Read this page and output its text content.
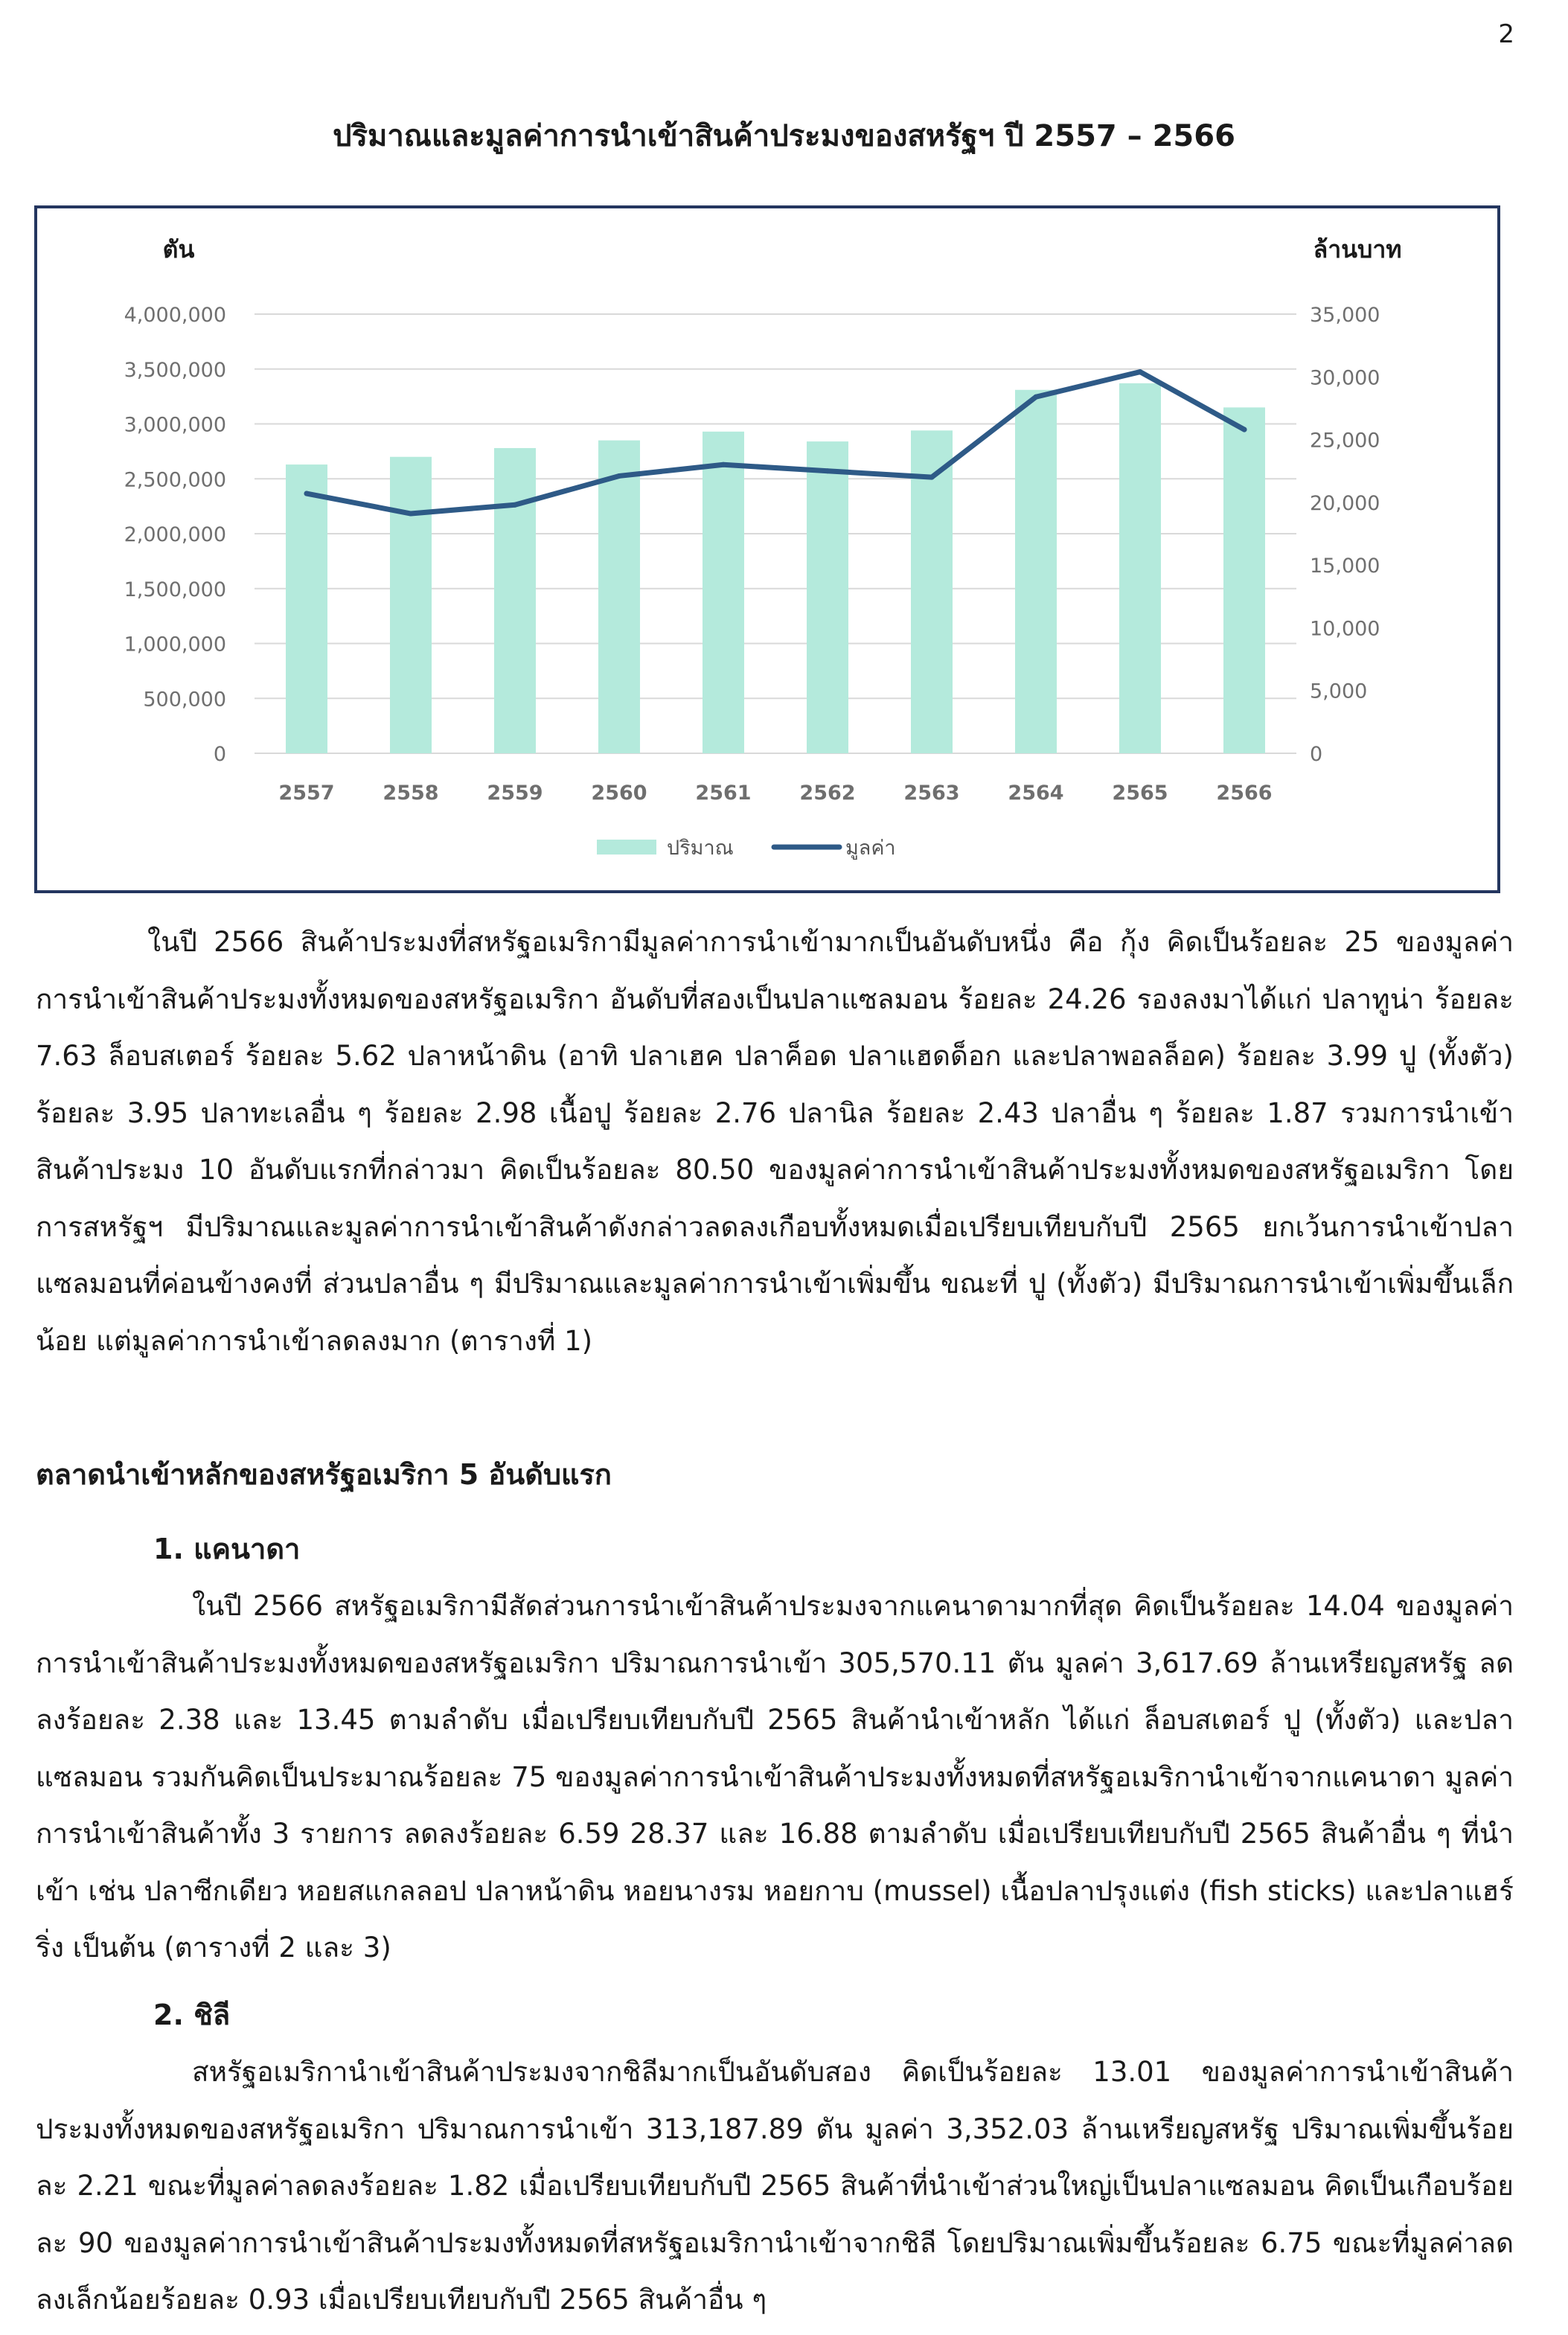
2
ปริมาณและมูลค่าการนำเข้าสินค้าประมงของสหรัฐฯ ปี 2557 – 2566
0
500,000
1,000,000
1,500,000
2,000,000
2,500,000
3,000,000
3,500,000
4,000,000
0
5,000
10,000
15,000
20,000
25,000
30,000
35,000
ตัน	ล้านบาท
2557 2558 2559 2560 2561 2562 2563 2564 2565 2566
ปริมาณ	มูลค่า

ในปี 2566 สินค้าประมงที่สหรัฐอเมริกามีมูลค่าการนำเข้ามากเป็นอันดับหนึ่ง คือ กุ้ง คิดเป็นร้อยละ 25 ของมูลค่าการนำเข้าสินค้าประมงทั้งหมดของสหรัฐอเมริกา อันดับที่สองเป็นปลาแซลมอน ร้อยละ 24.26 รองลงมาได้แก่ ปลาทูน่า ร้อยละ 7.63 ล็อบสเตอร์ ร้อยละ 5.62 ปลาหน้าดิน (อาทิ ปลาเฮค ปลาค็อด ปลาแฮดด็อก และปลาพอลล็อค) ร้อยละ 3.99 ปู (ทั้งตัว) ร้อยละ 3.95 ปลาทะเลอื่น ๆ ร้อยละ 2.98 เนื้อปู ร้อยละ 2.76 ปลานิล ร้อยละ 2.43 ปลาอื่น ๆ ร้อยละ 1.87 รวมการนำเข้าสินค้าประมง 10 อันดับแรกที่กล่าวมา คิดเป็นร้อยละ 80.50 ของมูลค่าการนำเข้าสินค้าประมงทั้งหมดของสหรัฐอเมริกา โดยการสหรัฐฯ มีปริมาณและมูลค่าการนำเข้าสินค้าดังกล่าวลดลงเกือบทั้งหมดเมื่อเปรียบเทียบกับปี 2565 ยกเว้นการนำเข้าปลาแซลมอนที่ค่อนข้างคงที่ ส่วนปลาอื่น ๆ มีปริมาณและมูลค่าการนำเข้าเพิ่มขึ้น ขณะที่ ปู (ทั้งตัว) มีปริมาณการนำเข้าเพิ่มขึ้นเล็กน้อย แต่มูลค่าการนำเข้าลดลงมาก (ตารางที่ 1)

ตลาดนำเข้าหลักของสหรัฐอเมริกา 5 อันดับแรก

1. แคนาดา

ในปี 2566 สหรัฐอเมริกามีสัดส่วนการนำเข้าสินค้าประมงจากแคนาดามากที่สุด คิดเป็นร้อยละ 14.04 ของมูลค่าการนำเข้าสินค้าประมงทั้งหมดของสหรัฐอเมริกา ปริมาณการนำเข้า 305,570.11 ตัน มูลค่า 3,617.69 ล้านเหรียญสหรัฐ ลดลงร้อยละ 2.38 และ 13.45 ตามลำดับ เมื่อเปรียบเทียบกับปี 2565 สินค้านำเข้าหลัก ได้แก่ ล็อบสเตอร์ ปู (ทั้งตัว) และปลาแซลมอน รวมกันคิดเป็นประมาณร้อยละ 75 ของมูลค่าการนำเข้าสินค้าประมงทั้งหมดที่สหรัฐอเมริกานำเข้าจากแคนาดา มูลค่าการนำเข้าสินค้าทั้ง 3 รายการ ลดลงร้อยละ 6.59 28.37 และ 16.88 ตามลำดับ เมื่อเปรียบเทียบกับปี 2565 สินค้าอื่น ๆ ที่นำเข้า เช่น ปลาซีกเดียว หอยสแกลลอป ปลาหน้าดิน หอยนางรม หอยกาบ (mussel) เนื้อปลาปรุงแต่ง (fish sticks) และปลาแฮร์ริ่ง เป็นต้น (ตารางที่ 2 และ 3)

2. ชิลี

สหรัฐอเมริกานำเข้าสินค้าประมงจากชิลีมากเป็นอันดับสอง คิดเป็นร้อยละ 13.01 ของมูลค่าการนำเข้าสินค้าประมงทั้งหมดของสหรัฐอเมริกา ปริมาณการนำเข้า 313,187.89 ตัน มูลค่า 3,352.03 ล้านเหรียญสหรัฐ ปริมาณเพิ่มขึ้นร้อยละ 2.21 ขณะที่มูลค่าลดลงร้อยละ 1.82 เมื่อเปรียบเทียบกับปี 2565 สินค้าที่นำเข้าส่วนใหญ่เป็นปลาแซลมอน คิดเป็นเกือบร้อยละ 90 ของมูลค่าการนำเข้าสินค้าประมงทั้งหมดที่สหรัฐอเมริกานำเข้าจากชิลี โดยปริมาณเพิ่มขึ้นร้อยละ 6.75 ขณะที่มูลค่าลดลงเล็กน้อยร้อยละ 0.93 เมื่อเปรียบเทียบกับปี 2565 สินค้าอื่น ๆ
